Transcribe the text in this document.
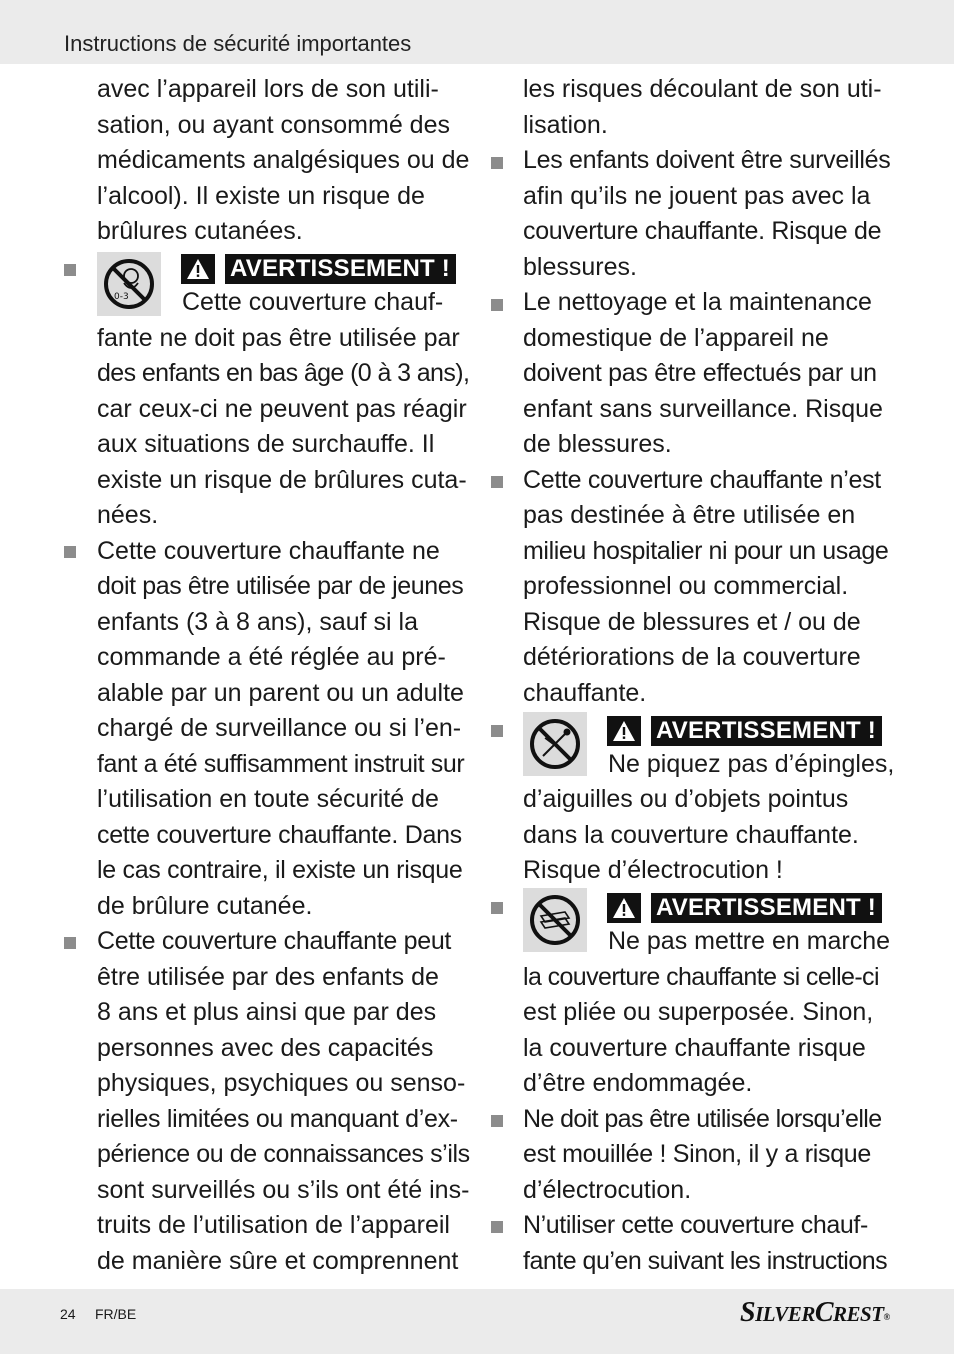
Instructions de sécurité importantes
avec l’appareil lors de son utili-
sation, ou ayant consommé des
médicaments analgésiques ou de
l’alcool). Il existe un risque de
brûlures cutanées.
Cette couverture chauf-
fante ne doit pas être utilisée par
des enfants en bas âge (0 à 3 ans),
car ceux-ci ne peuvent pas réagir
aux situations de surchauffe. Il
existe un risque de brûlures cuta-
nées.
Cette couverture chauffante ne
doit pas être utilisée par de jeunes
enfants (3 à 8 ans), sauf si la
commande a été réglée au pré-
alable par un parent ou un adulte
chargé de surveillance ou si l’en-
fant a été suffisamment instruit sur
l’utilisation en toute sécurité de
cette couverture chauffante. Dans
le cas contraire, il existe un risque
de brûlure cutanée.
Cette couverture chauffante peut
être utilisée par des enfants de
8 ans et plus ainsi que par des
personnes avec des capacités
physiques, psychiques ou senso-
rielles limitées ou manquant d’ex-
périence ou de connaissances s’ils
sont surveillés ou s’ils ont été ins-
truits de l’utilisation de l’appareil
de manière sûre et comprennent
0-3
AVERTISSEMENT !
les risques découlant de son uti-
lisation.
Les enfants doivent être surveillés
afin qu’ils ne jouent pas avec la
couverture chauffante. Risque de
blessures.
Le nettoyage et la maintenance
domestique de l’appareil ne
doivent pas être effectués par un
enfant sans surveillance. Risque
de blessures.
Cette couverture chauffante n’est
pas destinée à être utilisée en
milieu hospitalier ni pour un usage
professionnel ou commercial.
Risque de blessures et / ou de
détériorations de la couverture
chauffante.
Ne piquez pas d’épingles,
d’aiguilles ou d’objets pointus
dans la couverture chauffante.
Risque d’électrocution !
Ne pas mettre en marche
la couverture chauffante si celle-ci
est pliée ou superposée. Sinon,
la couverture chauffante risque
d’être endommagée.
Ne doit pas être utilisée lorsqu’elle
est mouillée ! Sinon, il y a risque
d’électrocution.
N’utiliser cette couverture chauf-
fante qu’en suivant les instructions
AVERTISSEMENT !
AVERTISSEMENT !
24 FR/BE	SILVERCREST®
